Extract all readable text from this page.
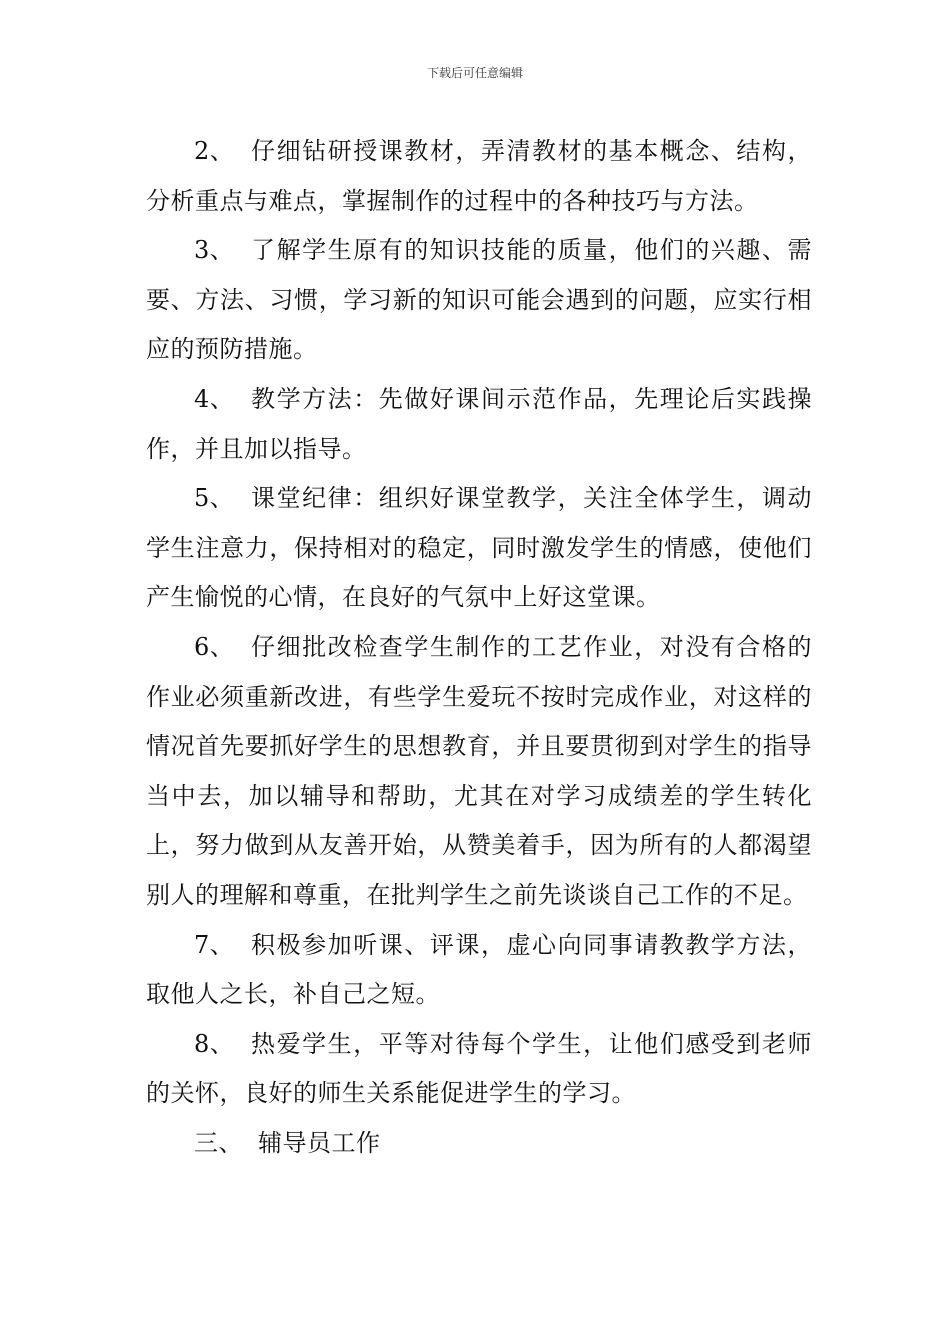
下载后可任意编辑

2、 仔细钻研授课教材，弄清教材的基本概念、结构，分析重点与难点，掌握制作的过程中的各种技巧与方法。

3、 了解学生原有的知识技能的质量，他们的兴趣、需要、方法、习惯，学习新的知识可能会遇到的问题，应实行相应的预防措施。

4、 教学方法：先做好课间示范作品，先理论后实践操作，并且加以指导。

5、 课堂纪律：组织好课堂教学，关注全体学生，调动学生注意力，保持相对的稳定，同时激发学生的情感，使他们产生愉悦的心情，在良好的气氛中上好这堂课。

6、 仔细批改检查学生制作的工艺作业，对没有合格的作业必须重新改进，有些学生爱玩不按时完成作业，对这样的情况首先要抓好学生的思想教育，并且要贯彻到对学生的指导当中去，加以辅导和帮助，尤其在对学习成绩差的学生转化上，努力做到从友善开始，从赞美着手，因为所有的人都渴望别人的理解和尊重，在批判学生之前先谈谈自己工作的不足。

7、 积极参加听课、评课，虚心向同事请教教学方法，取他人之长，补自己之短。

8、 热爱学生，平等对待每个学生，让他们感受到老师的关怀，良好的师生关系能促进学生的学习。

三、 辅导员工作
